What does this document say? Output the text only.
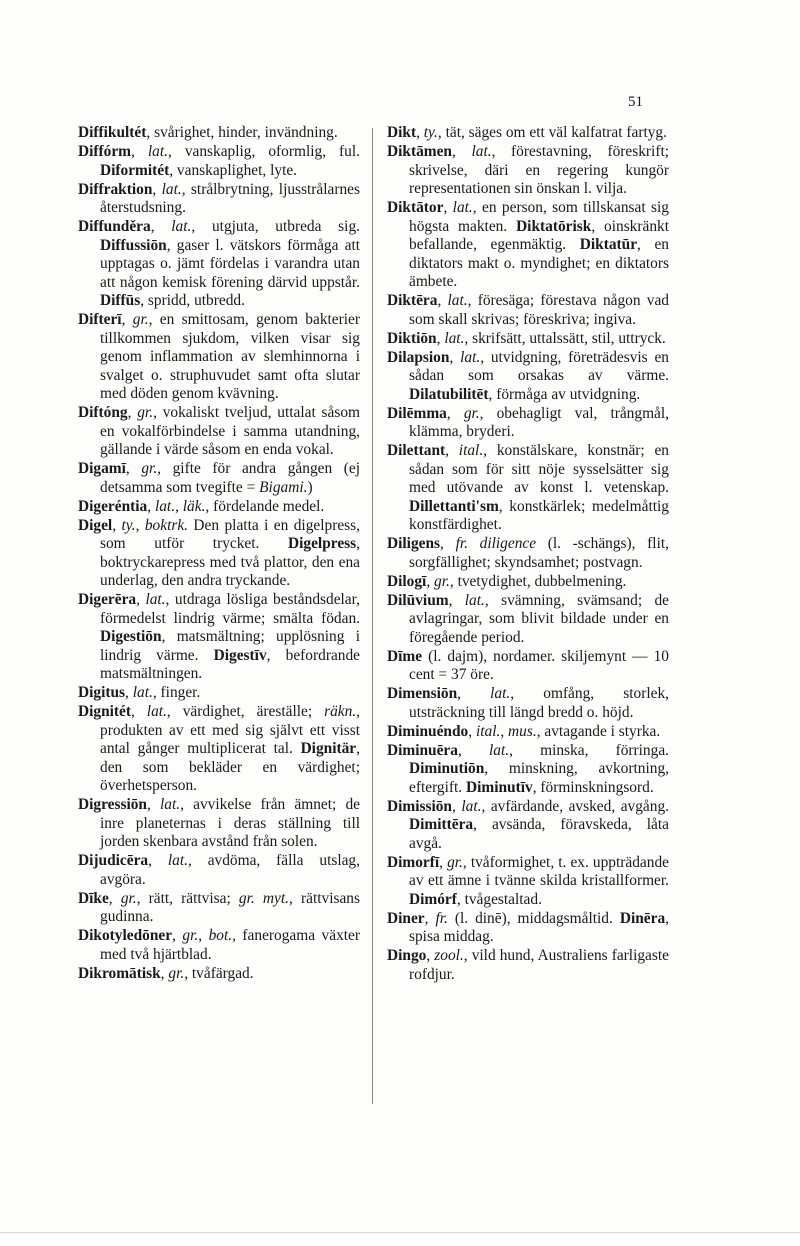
51

Diffikultét, svårighet, hinder, invändning.

Diffórm, lat., vanskaplig, oformlig, ful. Diformitét, vanskaplighet, lyte.

Diffraktion, lat., strålbrytning, ljusstrålarnes återstudsning.

Diffunděra, lat., utgjuta, utbreda sig. Diffussiōn, gaser l. vätskors förmåga att upptagas o. jämt fördelas i varandra utan att någon kemisk förening därvid uppstår. Diffūs, spridd, utbredd.

Difterī, gr., en smittosam, genom bakterier tillkommen sjukdom, vilken visar sig genom inflammation av slemhinnorna i svalget o. struphuvudet samt ofta slutar med döden genom kvävning.

Diftóng, gr., vokaliskt tveljud, uttalat såsom en vokalförbindelse i samma utandning, gällande i värde såsom en enda vokal.

Digamī, gr., gifte för andra gången (ej detsamma som tvegifte = Bigami.)

Digeréntia, lat., läk., fördelande medel.

Digel, ty., boktrk. Den platta i en digelpress, som utför trycket. Digelpress, boktryckarepress med två plattor, den ena underlag, den andra tryckande.

Digerēra, lat., utdraga lösliga beståndsdelar, förmedelst lindrig värme; smälta födan. Digestiōn, matsmältning; upplösning i lindrig värme. Digestīv, befordrande matsmältningen.

Digitus, lat., finger.

Dignitét, lat., värdighet, äreställe; räkn., produkten av ett med sig självt ett visst antal gånger multiplicerat tal. Dignitär, den som bekläder en värdighet; överhetsperson.

Digressiōn, lat., avvikelse från ämnet; de inre planeternas i deras ställning till jorden skenbara avstånd från solen.

Dijudicēra, lat., avdöma, fälla utslag, avgöra.

Dīke, gr., rätt, rättvisa; gr. myt., rättvisans gudinna.

Dikotyledōner, gr., bot., fanerogama växter med två hjärtblad.

Dikromātisk, gr., tvåfärgad.

Dikt, ty., tät, säges om ett väl kalfatrat fartyg.

Diktāmen, lat., förestavning, föreskrift; skrivelse, däri en regering kungör representationen sin önskan l. vilja.

Diktātor, lat., en person, som tillskansat sig högsta makten. Diktatōrisk, oinskränkt befallande, egenmäktig. Diktatūr, en diktators makt o. myndighet; en diktators ämbete.

Diktēra, lat., föresäga; förestava någon vad som skall skrivas; föreskriva; ingiva.

Diktiōn, lat., skrifsätt, uttalssätt, stil, uttryck.

Dilapsion, lat., utvidgning, företrädesvis en sådan som orsakas av värme. Dilatubilitēt, förmåga av utvidgning.

Dilēmma, gr., obehagligt val, trångmål, klämma, bryderi.

Dilettant, ital., konstälskare, konstnär; en sådan som för sitt nöje sysselsätter sig med utövande av konst l. vetenskap. Dillettanti'sm, konstkärlek; medelmåttig konstfärdighet.

Diligens, fr. diligence (l. -schängs), flit, sorgfällighet; skyndsamhet; postvagn.

Dilogī, gr., tvetydighet, dubbelmening.

Dilūvium, lat., svämning, svämsand; de avlagringar, som blivit bildade under en föregående period.

Dīme (l. dajm), nordamer. skiljemynt — 10 cent = 37 öre.

Dimensiōn, lat., omfång, storlek, utsträckning till längd bredd o. höjd.

Diminuéndo, ital., mus., avtagande i styrka.

Diminuēra, lat., minska, förringa. Diminutiōn, minskning, avkortning, eftergift. Diminutīv, förminskningsord.

Dimissiōn, lat., avfärdande, avsked, avgång. Dimittēra, avsända, föravskeda, låta avgå.

Dimorfī, gr., tvåformighet, t. ex. uppträdande av ett ämne i tvänne skilda kristallformer. Dimórf, tvågestaltad.

Diner, fr. (l. dinē), middagsmåltid. Dinēra, spisa middag.

Dingo, zool., vild hund, Australiens farligaste rofdjur.
